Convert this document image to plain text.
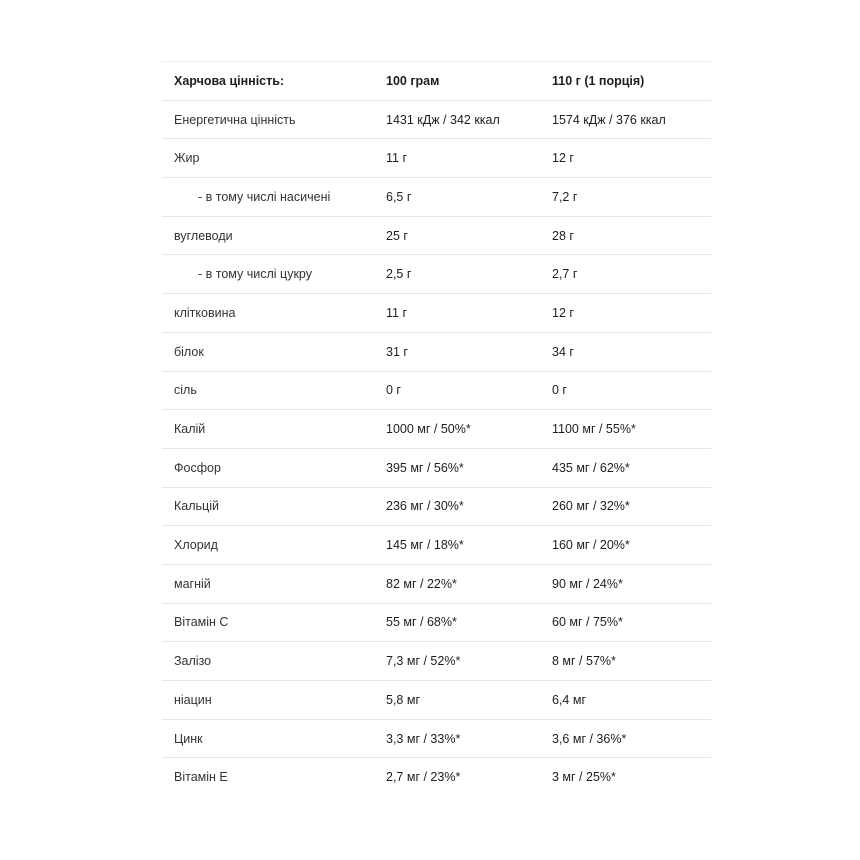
Харчова цінність:	100 грам	110 г (1 порція)
Енергетична цінність	1431 кДж / 342 ккал	1574 кДж / 376 ккал
Жир	11 г	12 г
- в тому числі насичені	6,5 г	7,2 г
вуглеводи	25 г	28 г
- в тому числі цукру	2,5 г	2,7 г
клітковина	11 г	12 г
білок	31 г	34 г
сіль	0 г	0 г
Калій	1000 мг / 50%*	1100 мг / 55%*
Фосфор	395 мг / 56%*	435 мг / 62%*
Кальцій	236 мг / 30%*	260 мг / 32%*
Хлорид	145 мг / 18%*	160 мг / 20%*
магній	82 мг / 22%*	90 мг / 24%*
Вітамін С	55 мг / 68%*	60 мг / 75%*
Залізо	7,3 мг / 52%*	8 мг / 57%*
ніацин	5,8 мг	6,4 мг
Цинк	3,3 мг / 33%*	3,6 мг / 36%*
Вітамін Е	2,7 мг / 23%*	3 мг / 25%*
